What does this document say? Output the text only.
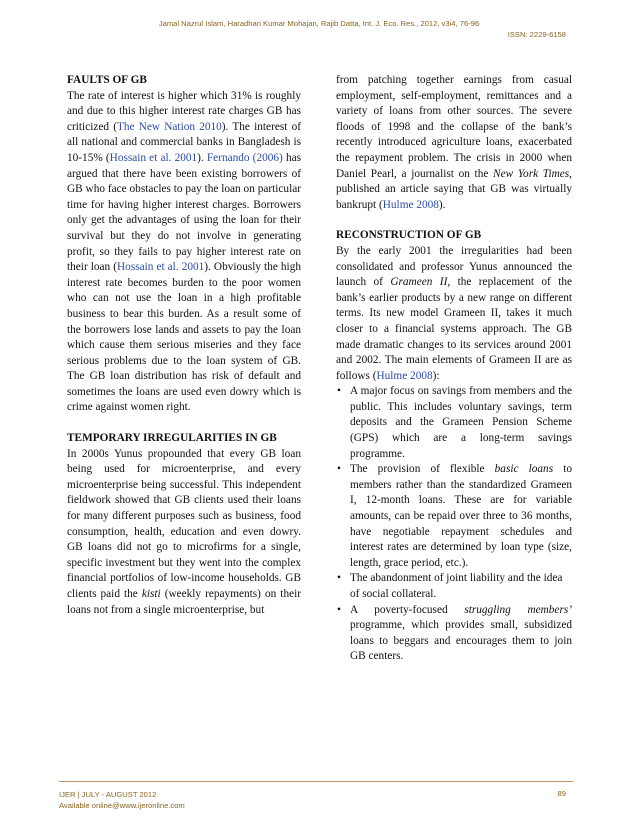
Jamal Nazrul Islam, Haradhan Kumar Mohajan, Rajib Datta, Int. J. Eco. Res., 2012, v3i4, 76-96
ISSN: 2229-6158

FAULTS OF GB

The rate of interest is higher which 31% is roughly and due to this higher interest rate charges GB has criticized (The New Nation 2010). The interest of all national and commercial banks in Bangladesh is 10-15% (Hossain et al. 2001). Fernando (2006) has argued that there have been existing borrowers of GB who face obstacles to pay the loan on particular time for having higher interest charges. Borrowers only get the advantages of using the loan for their survival but they do not involve in generating profit, so they fails to pay higher interest rate on their loan (Hossain et al. 2001). Obviously the high interest rate becomes burden to the poor women who can not use the loan in a high profitable business to bear this burden. As a result some of the borrowers lose lands and assets to pay the loan which cause them serious miseries and they face serious problems due to the loan system of GB. The GB loan distribution has risk of default and sometimes the loans are used even dowry which is crime against women right.

TEMPORARY IRREGULARITIES IN GB

In 2000s Yunus propounded that every GB loan being used for microenterprise, and every microenterprise being successful. This independent fieldwork showed that GB clients used their loans for many different purposes such as business, food consumption, health, education and even dowry. GB loans did not go to microfirms for a single, specific investment but they went into the complex financial portfolios of low-income households. GB clients paid the kisti (weekly repayments) on their loans not from a single microenterprise, but

from patching together earnings from casual employment, self-employment, remittances and a variety of loans from other sources. The severe floods of 1998 and the collapse of the bank’s recently introduced agriculture loans, exacerbated the repayment problem. The crisis in 2000 when Daniel Pearl, a journalist on the New York Times, published an article saying that GB was virtually bankrupt (Hulme 2008).

RECONSTRUCTION OF GB

By the early 2001 the irregularities had been consolidated and professor Yunus announced the launch of Grameen II, the replacement of the bank’s earlier products by a new range on different terms. Its new model Grameen II, takes it much closer to a financial systems approach. The GB made dramatic changes to its services around 2001 and 2002. The main elements of Grameen II are as follows (Hulme 2008):

• A major focus on savings from members and the public. This includes voluntary savings, term deposits and the Grameen Pension Scheme (GPS) which are a long-term savings programme.
• The provision of flexible basic loans to members rather than the standardized Grameen I, 12-month loans. These are for variable amounts, can be repaid over three to 36 months, have negotiable repayment schedules and interest rates are determined by loan type (size, length, grace period, etc.).
• The abandonment of joint liability and the idea of social collateral.
• A poverty-focused struggling members’ programme, which provides small, subsidized loans to beggars and encourages them to join GB centers.
IJER | JULY - AUGUST 2012
Available online@www.ijeronline.com
89
